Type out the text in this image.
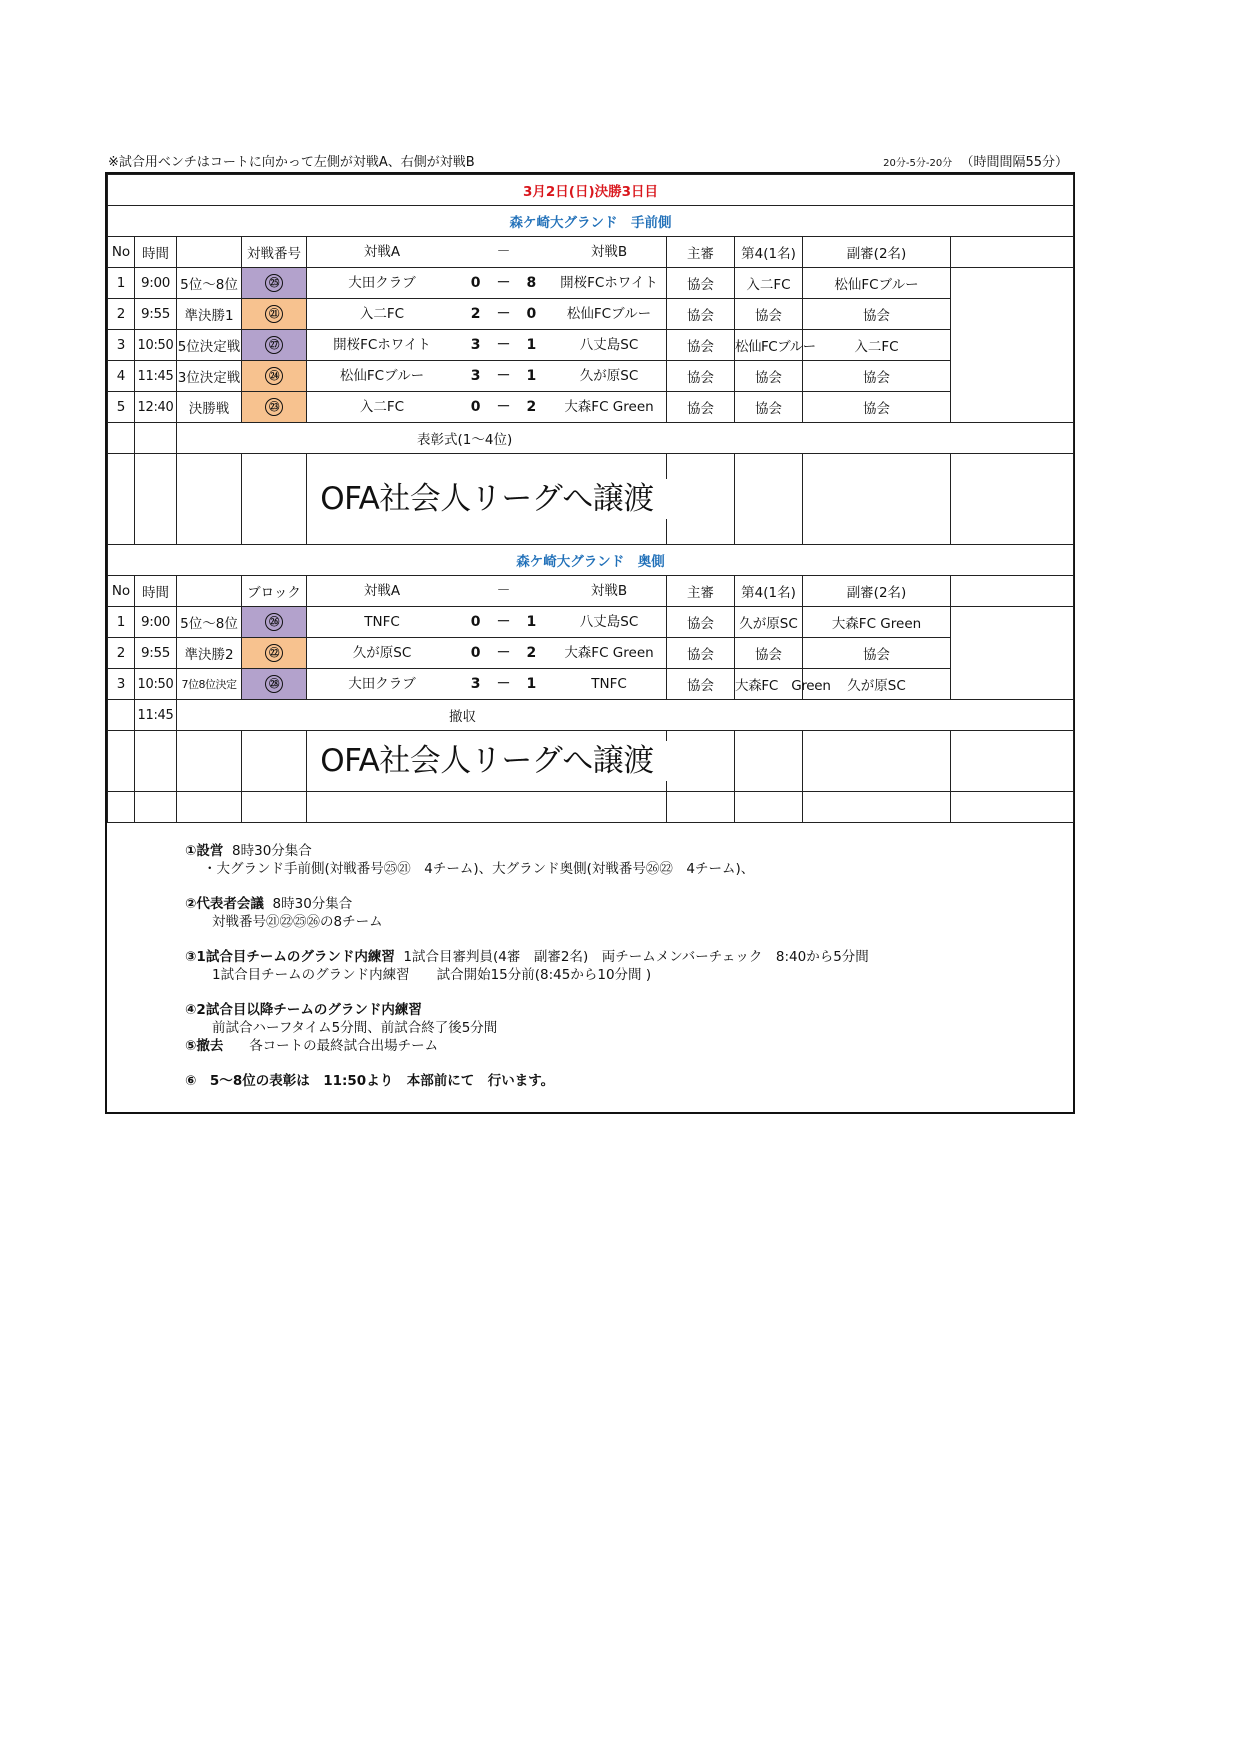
※試合用ベンチはコートに向かって左側が対戦A、右側が対戦B	20分-5分-20分 （時間間隔55分）
3月2日(日)決勝3日目								
森ケ崎大グランド　手前側								
No	時間		対戦番号	対戦A － 対戦B	主審	第4(1名)	副審(2名)	
1	9:00	5位～8位	㉕	大田クラブ 0　－　8 開桜FCホワイト	協会	入二FC	松仙FCブルー	
2	9:55	準決勝1	㉑	入二FC 2　－　0 松仙FCブルー	協会	協会	協会	
3	10:50	5位決定戦	㉗	開桜FCホワイト 3　－　1 八丈島SC	協会	松仙FCブルー	入二FC	
4	11:45	3位決定戦	㉔	松仙FCブルー 3　－　1 久が原SC	協会	協会	協会	
5	12:40	決勝戦	㉓	入二FC 0　－　2 大森FC Green	協会	協会	協会	
		表彰式(1～4位)						

				OFA社会人リーグへ譲渡				

森ケ崎大グランド　奥側								
No	時間		ブロック	対戦A － 対戦B	主審	第4(1名)	副審(2名)	
1	9:00	5位～8位	㉖	TNFC 0　－　1 八丈島SC	協会	久が原SC	大森FC Green	
2	9:55	準決勝2	㉒	久が原SC 0　－　2 大森FC Green	協会	協会	協会	
3	10:50	7位8位決定	㉘	大田クラブ 3　－　1 TNFC	協会	大森FC　Green	久が原SC	
	11:45	撤収						

				OFA社会人リーグへ譲渡				

①設営 8時30分集合

・大グランド手前側(対戦番号㉕㉑　4チーム)、大グランド奥側(対戦番号㉖㉒　4チーム)、

②代表者会議 8時30分集合

対戦番号㉑㉒㉕㉖の8チーム

③1試合目チームのグランド内練習 1試合目審判員(4審　副審2名)　両チームメンバーチェック　8:40から5分間

1試合目チームのグランド内練習　　試合開始15分前(8:45から10分間 )

④2試合目以降チームのグランド内練習

前試合ハーフタイム5分間、前試合終了後5分間

⑤撤去 各コートの最終試合出場チーム

⑥　5～8位の表彰は　11:50より　本部前にて　行います。
